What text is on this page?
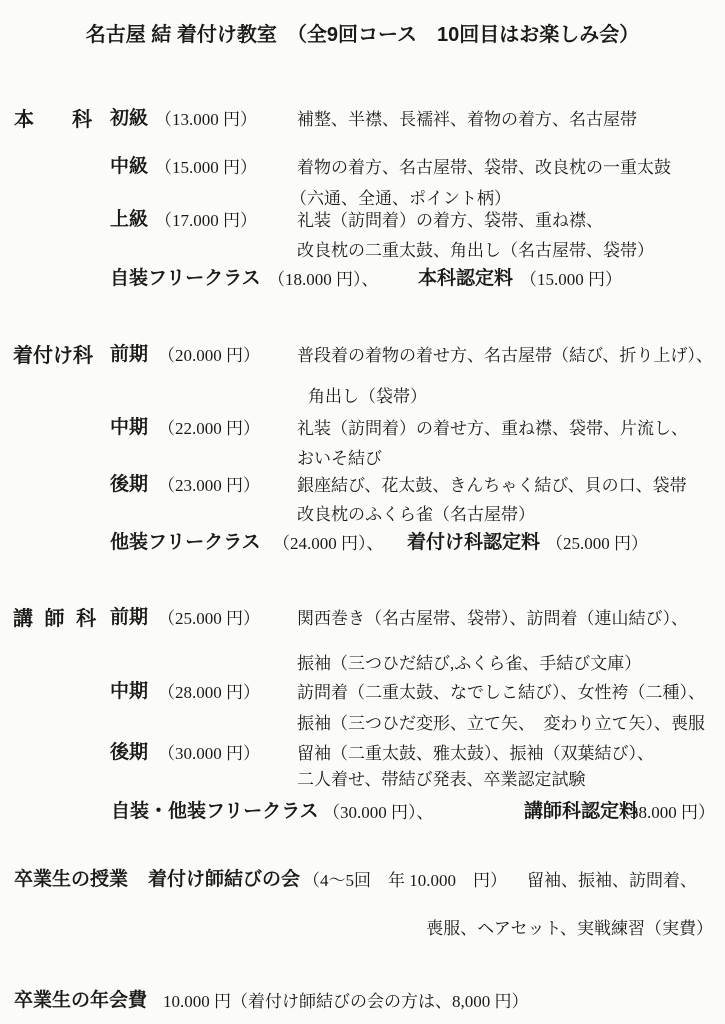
名古屋 結 着付け教室　（全9回コース　10回目はお楽しみ会）
本　科 初級 （13.000 円） 補整、半襟、長襦袢、着物の着方、名古屋帯
中級 （15.000 円） 着物の着方、名古屋帯、袋帯、改良枕の一重太鼓
（六通、全通、ポイント柄）
上級 （17.000 円） 礼装（訪問着）の着方、袋帯、重ね襟、
改良枕の二重太鼓、角出し（名古屋帯、袋帯）
自装フリークラス （18.000 円）、 本科認定料 （15.000 円）
着付け科 前期 （20.000 円） 普段着の着物の着せ方、名古屋帯（結び、折り上げ）、
角出し（袋帯）
中期 （22.000 円） 礼装（訪問着）の着せ方、重ね襟、袋帯、片流し、
おいそ結び
後期 （23.000 円） 銀座結び、花太鼓、きんちゃく結び、貝の口、袋帯
改良枕のふくら雀（名古屋帯）
他装フリークラス （24.000 円）、 着付け科認定料 （25.000 円）
講 師 科 前期 （25.000 円） 関西巻き（名古屋帯、袋帯）、訪問着（連山結び）、
振袖（三つひだ結び,ふくら雀、手結び文庫）
中期 （28.000 円） 訪問着（二重太鼓、なでしこ結び）、女性袴（二種）、
振袖（三つひだ変形、立て矢、　変わり立て矢）、喪服
後期 （30.000 円） 留袖（二重太鼓、雅太鼓）、振袖（双葉結び）、
二人着せ、帯結び発表、卒業認定試験
自装・他装フリークラス （30.000 円）、	講師科認定料
（38.000 円）
卒業生の授業 着付け師結びの会 （4～5回　年 10.000　円） 留袖、振袖、訪問着、
喪服、ヘアセット、実戦練習（実費）
卒業生の年会費 10.000 円（着付け師結びの会の方は、8,000 円）
